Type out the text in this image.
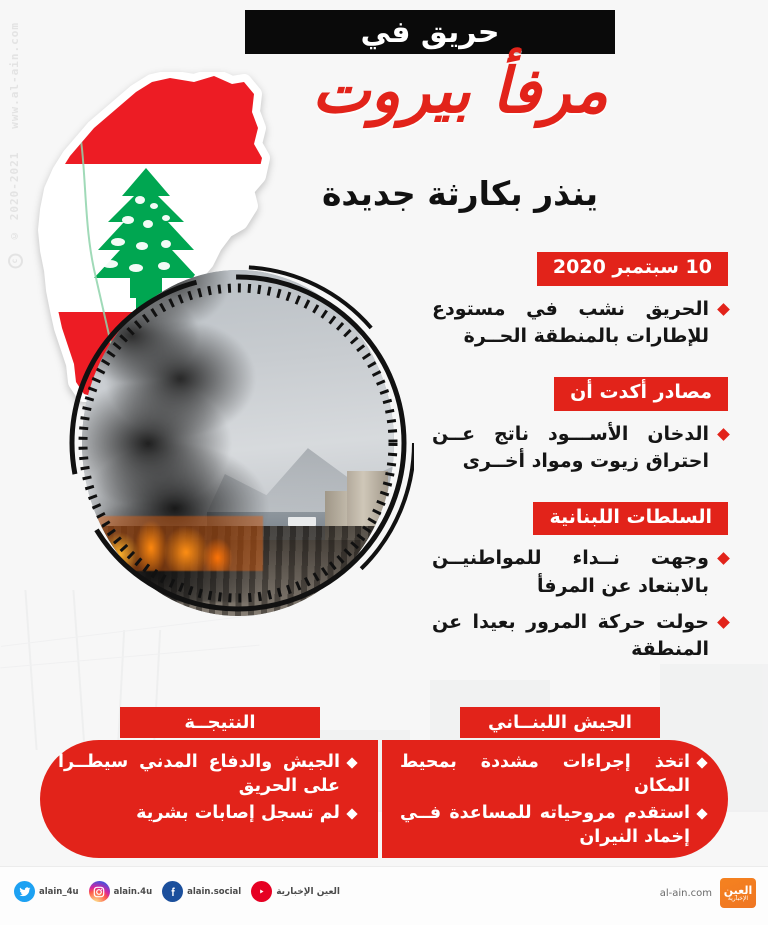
c © 2020-2021   www.al-ain.com	حريق في
مرفأ بيروت
ينذر بكارثة جديدة
10 سبتمبر 2020
الحريق نشب في مستودع للإطارات بالمنطقة الحــرة
مصادر أكدت أن
الدخان الأســـود ناتج عــن احتراق زيوت ومواد أخــرى
السلطات اللبنانية
وجهت نــداء للمواطنيــن بالابتعاد عن المرفأ
حولت حركة المرور بعيدا عن المنطقة
النتيجــة	الجيش اللبنــاني
الجيش والدفاع المدني سيطــرا على الحريق
لم تسجل إصابات بشرية
اتخذ إجراءات مشددة بمحيط المكان
استقدم مروحياته للمساعدة فــي إخماد النيران
alain_4u	alain.4u	alain.social	العين الإخبارية	al-ain.com العين
الإخبارية
